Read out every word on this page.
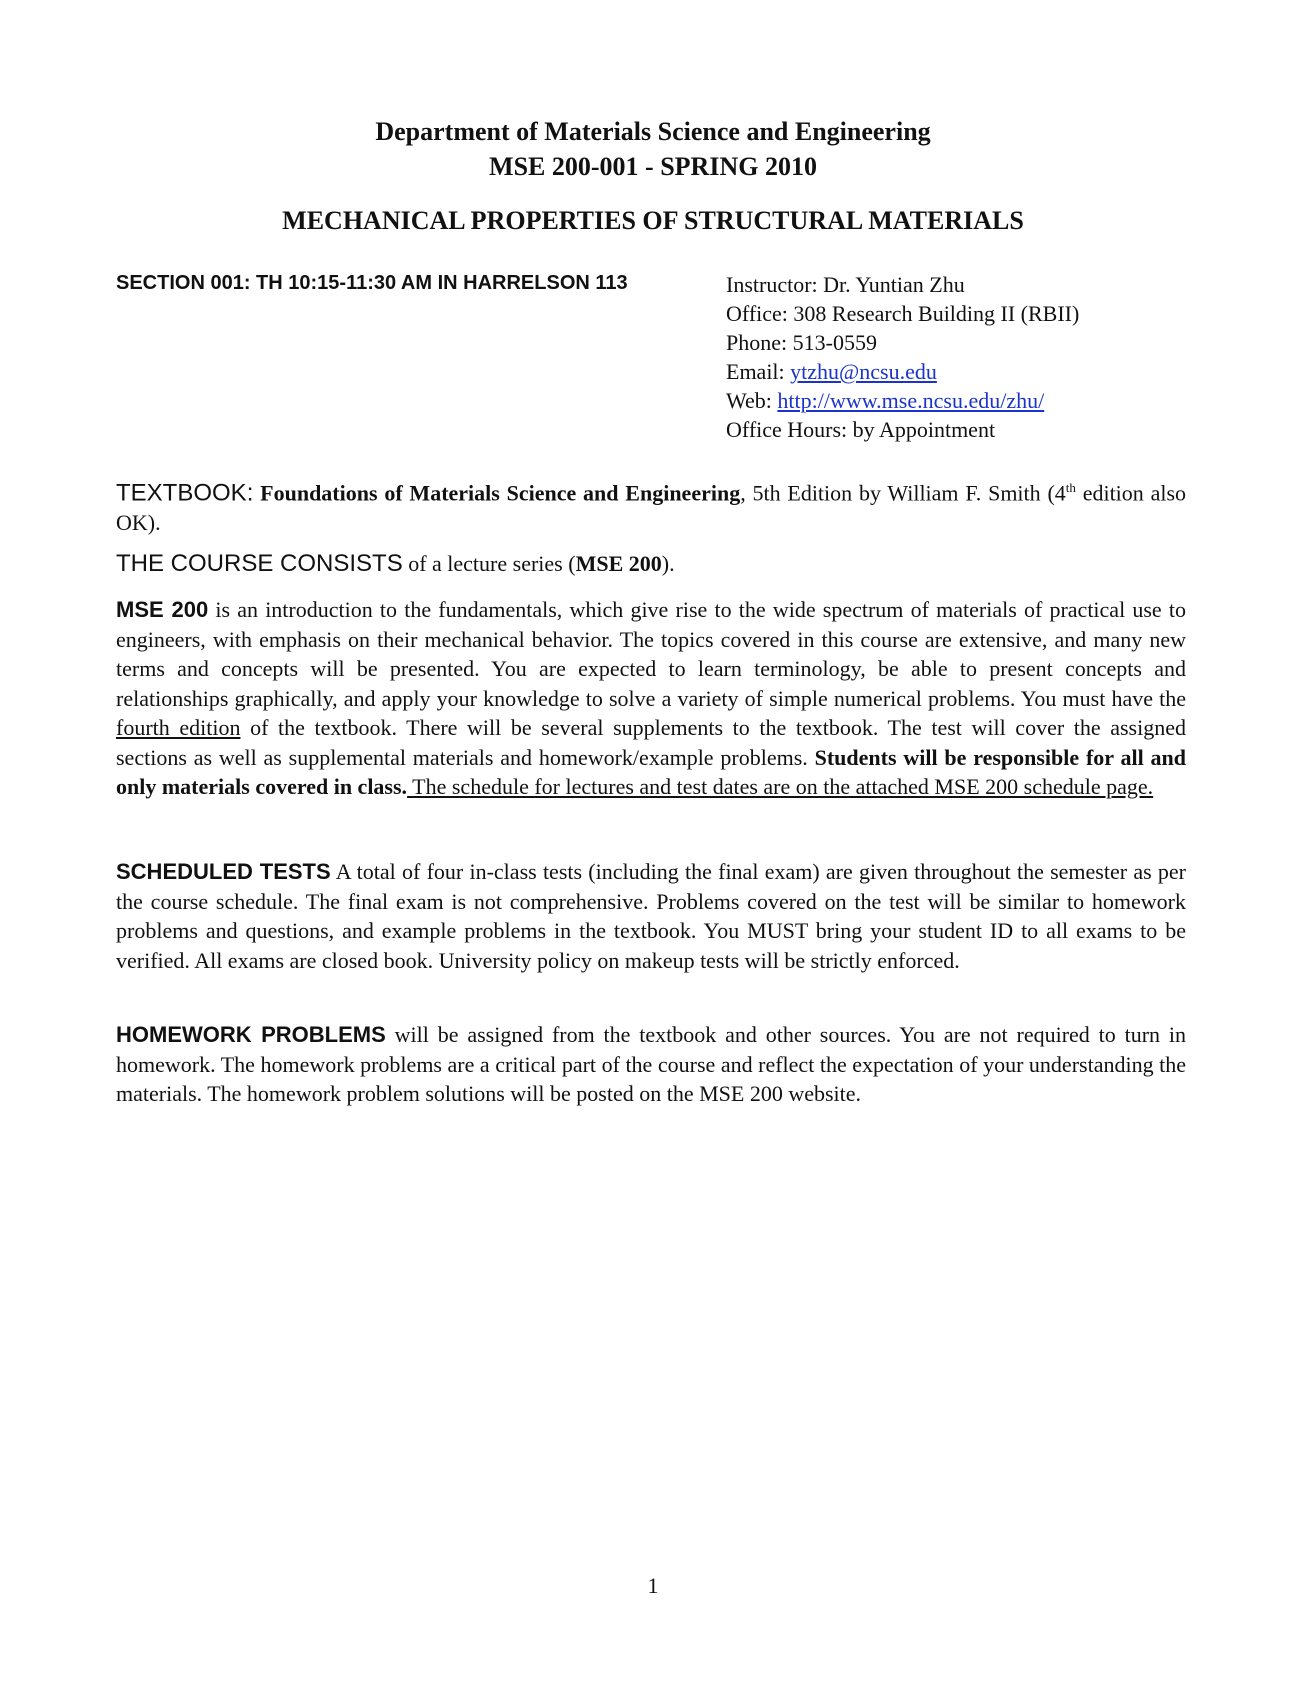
Department of Materials Science and Engineering
MSE 200-001 - SPRING 2010
MECHANICAL PROPERTIES OF STRUCTURAL MATERIALS
SECTION 001: TH 10:15-11:30 AM IN HARRELSON 113	Instructor: Dr. Yuntian Zhu
Office: 308 Research Building II (RBII)
Phone: 513-0559
Email: ytzhu@ncsu.edu
Web: http://www.mse.ncsu.edu/zhu/
Office Hours: by Appointment
TEXTBOOK: Foundations of Materials Science and Engineering, 5th Edition by William F. Smith (4th edition also OK).
THE COURSE CONSISTS of a lecture series (MSE 200).
MSE 200 is an introduction to the fundamentals, which give rise to the wide spectrum of materials of practical use to engineers, with emphasis on their mechanical behavior. The topics covered in this course are extensive, and many new terms and concepts will be presented. You are expected to learn terminology, be able to present concepts and relationships graphically, and apply your knowledge to solve a variety of simple numerical problems. You must have the fourth edition of the textbook. There will be several supplements to the textbook. The test will cover the assigned sections as well as supplemental materials and homework/example problems. Students will be responsible for all and only materials covered in class. The schedule for lectures and test dates are on the attached MSE 200 schedule page.
SCHEDULED TESTS A total of four in-class tests (including the final exam) are given throughout the semester as per the course schedule. The final exam is not comprehensive. Problems covered on the test will be similar to homework problems and questions, and example problems in the textbook. You MUST bring your student ID to all exams to be verified. All exams are closed book. University policy on makeup tests will be strictly enforced.
HOMEWORK PROBLEMS will be assigned from the textbook and other sources. You are not required to turn in homework. The homework problems are a critical part of the course and reflect the expectation of your understanding the materials. The homework problem solutions will be posted on the MSE 200 website.
1
